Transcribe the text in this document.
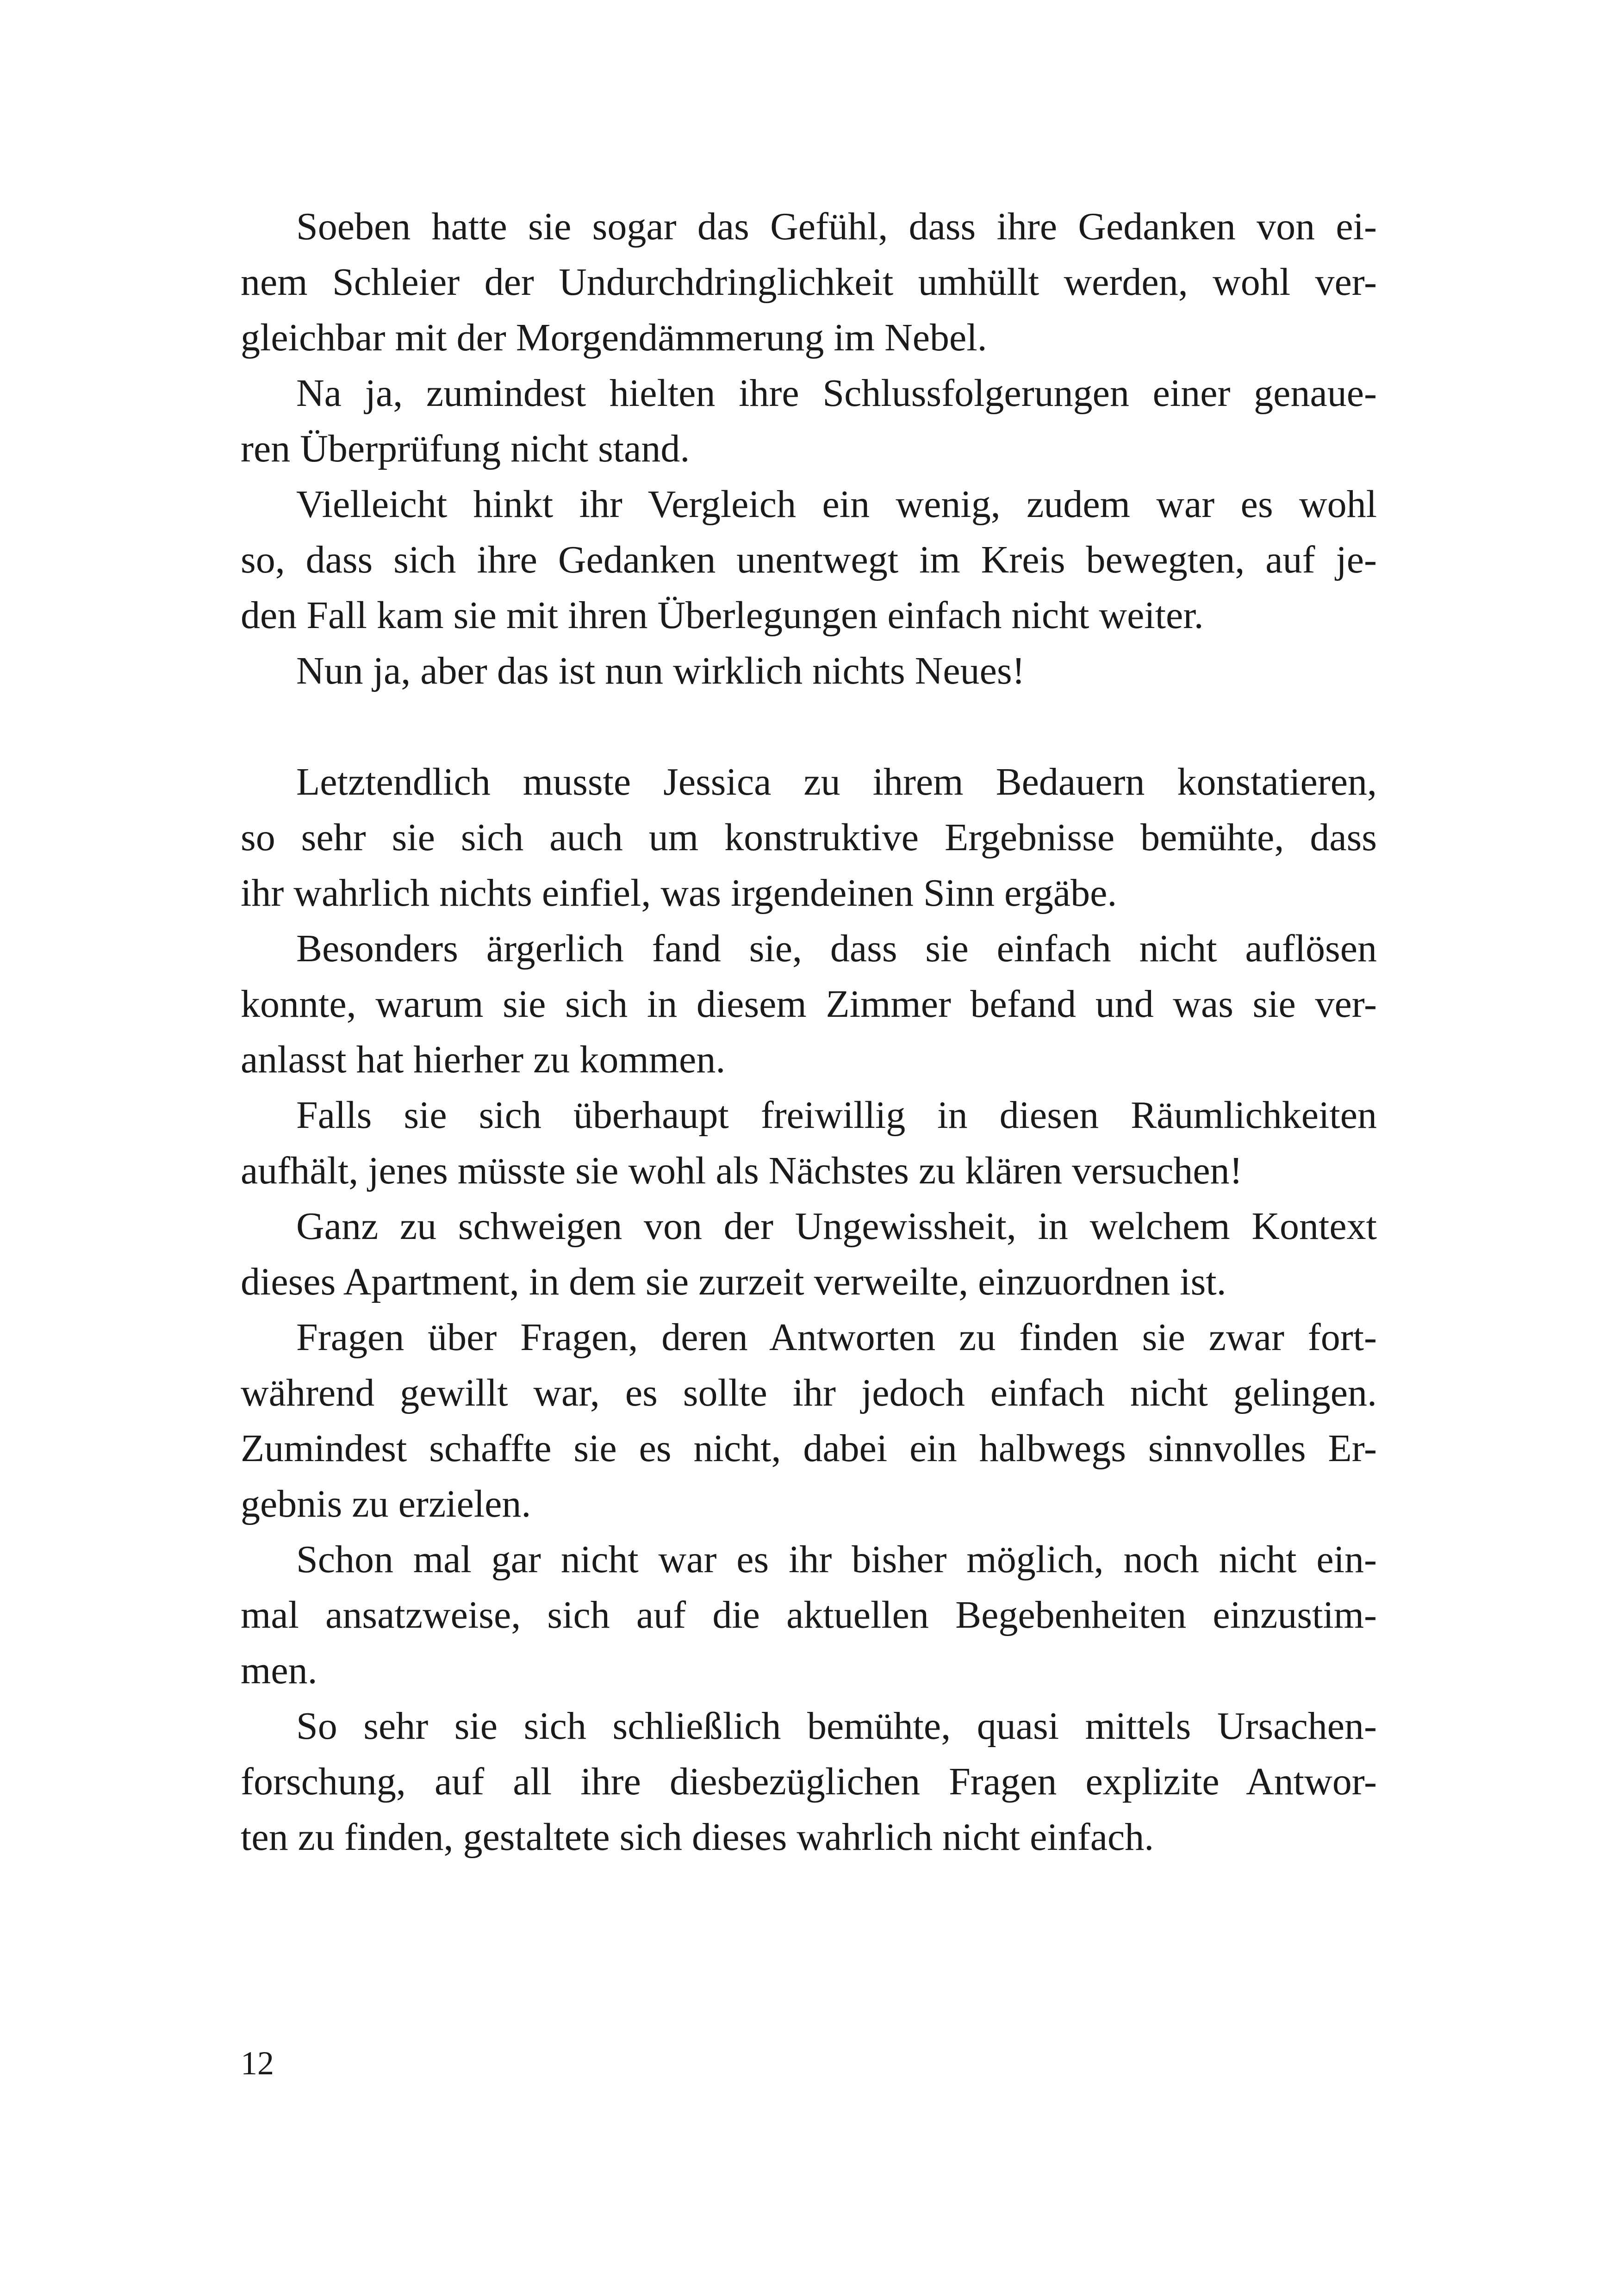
Soeben hatte sie sogar das Gefühl, dass ihre Gedanken von ei-
nem Schleier der Undurchdringlichkeit umhüllt werden, wohl ver-
gleichbar mit der Morgendämmerung im Nebel.
Na ja, zumindest hielten ihre Schlussfolgerungen einer genaue-
ren Überprüfung nicht stand.
Vielleicht hinkt ihr Vergleich ein wenig, zudem war es wohl
so, dass sich ihre Gedanken unentwegt im Kreis bewegten, auf je-
den Fall kam sie mit ihren Überlegungen einfach nicht weiter.
Nun ja, aber das ist nun wirklich nichts Neues!
Letztendlich musste Jessica zu ihrem Bedauern konstatieren,
so sehr sie sich auch um konstruktive Ergebnisse bemühte, dass
ihr wahrlich nichts einfiel, was irgendeinen Sinn ergäbe.
Besonders ärgerlich fand sie, dass sie einfach nicht auflösen
konnte, warum sie sich in diesem Zimmer befand und was sie ver-
anlasst hat hierher zu kommen.
Falls sie sich überhaupt freiwillig in diesen Räumlichkeiten
aufhält, jenes müsste sie wohl als Nächstes zu klären versuchen!
Ganz zu schweigen von der Ungewissheit, in welchem Kontext
dieses Apartment, in dem sie zurzeit verweilte, einzuordnen ist.
Fragen über Fragen, deren Antworten zu finden sie zwar fort-
während gewillt war, es sollte ihr jedoch einfach nicht gelingen.
Zumindest schaffte sie es nicht, dabei ein halbwegs sinnvolles Er-
gebnis zu erzielen.
Schon mal gar nicht war es ihr bisher möglich, noch nicht ein-
mal ansatzweise, sich auf die aktuellen Begebenheiten einzustim-
men.
So sehr sie sich schließlich bemühte, quasi mittels Ursachen-
forschung, auf all ihre diesbezüglichen Fragen explizite Antwor-
ten zu finden, gestaltete sich dieses wahrlich nicht einfach.
12
